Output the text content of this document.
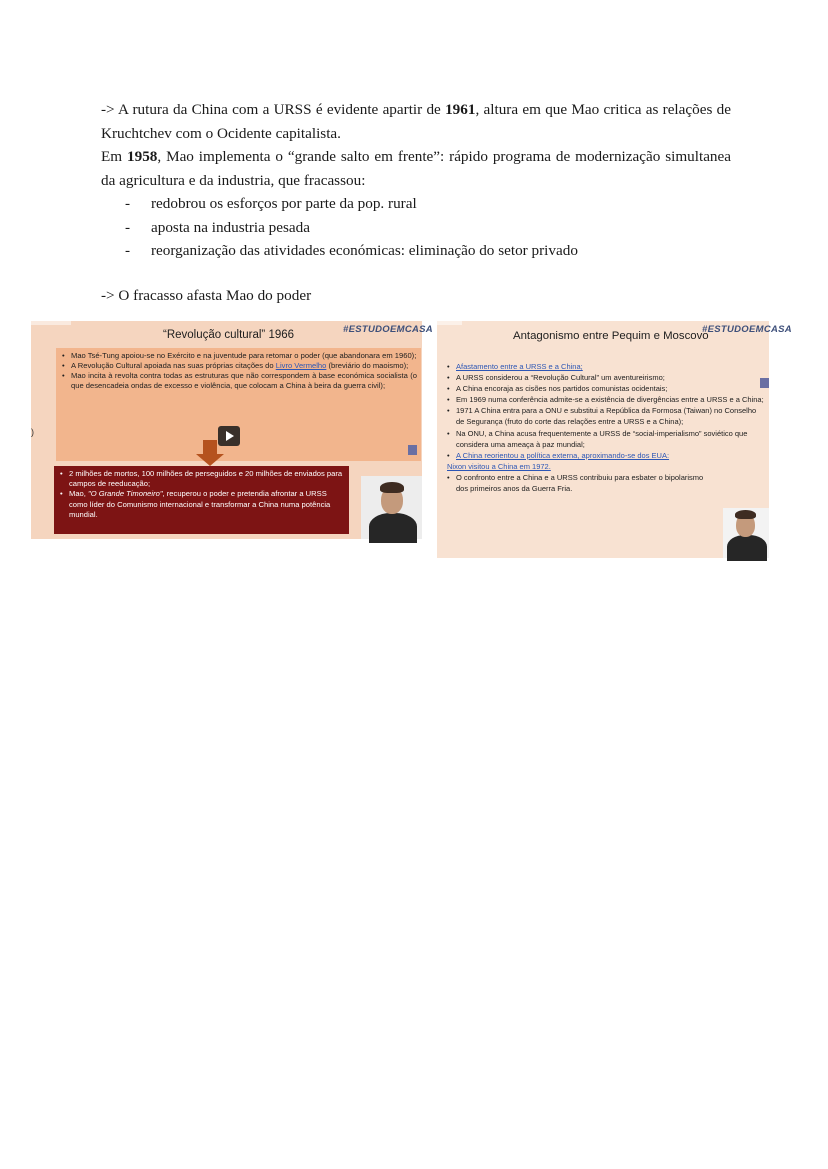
-> A rutura da China com a URSS é evidente apartir de 1961, altura em que Mao critica as relações de Kruchtchev com o Ocidente capitalista.

Em 1958, Mao implementa o “grande salto em frente”: rápido programa de modernização simultanea da agricultura e da industria, que fracassou:

- redobrou os esforços por parte da pop. rural
- aposta na industria pesada
- reorganização das atividades económicas: eliminação do setor privado

-> O fracasso afasta Mao do poder

“Revolução cultural” 1966	#ESTUDOEMCASA
)
• Mao Tsé-Tung apoiou-se no Exército e na juventude para retomar o poder (que abandonara em 1960);
• A Revolução Cultural apoiada nas suas próprias citações do Livro Vermelho (breviário do maoismo);
• Mao incita à revolta contra todas as estruturas que não correspondem à base económica socialista (o que desencadeia ondas de excesso e violência, que colocam a China à beira da guerra civil);
• 2 milhões de mortos, 100 milhões de perseguidos e 20 milhões de enviados para campos de reeducação;
• Mao, "O Grande Timoneiro", recuperou o poder e pretendia afrontar a URSS como líder do Comunismo internacional e transformar a China numa potência mundial.
Antagonismo entre Pequim e Moscovo
#ESTUDOEMCASA
• Afastamento entre a URSS e a China;
• A URSS considerou a “Revolução Cultural” um aventureirismo;
• A China encoraja as cisões nos partidos comunistas ocidentais;
• Em 1969 numa conferência admite-se a existência de divergências entre a URSS e a China;
• 1971 A China entra para a ONU e substitui a República da Formosa (Taiwan) no Conselho de Segurança (fruto do corte das relações entre a URSS e a China);
• Na ONU, a China acusa frequentemente a URSS de “social-imperialismo” soviético que considera uma ameaça à paz mundial;
• A China reorientou a política externa, aproximando-se dos EUA:
Nixon visitou a China em 1972.
• O confronto entre a China e a URSS contribuiu para esbater o bipolarismo dos primeiros anos da Guerra Fria.
